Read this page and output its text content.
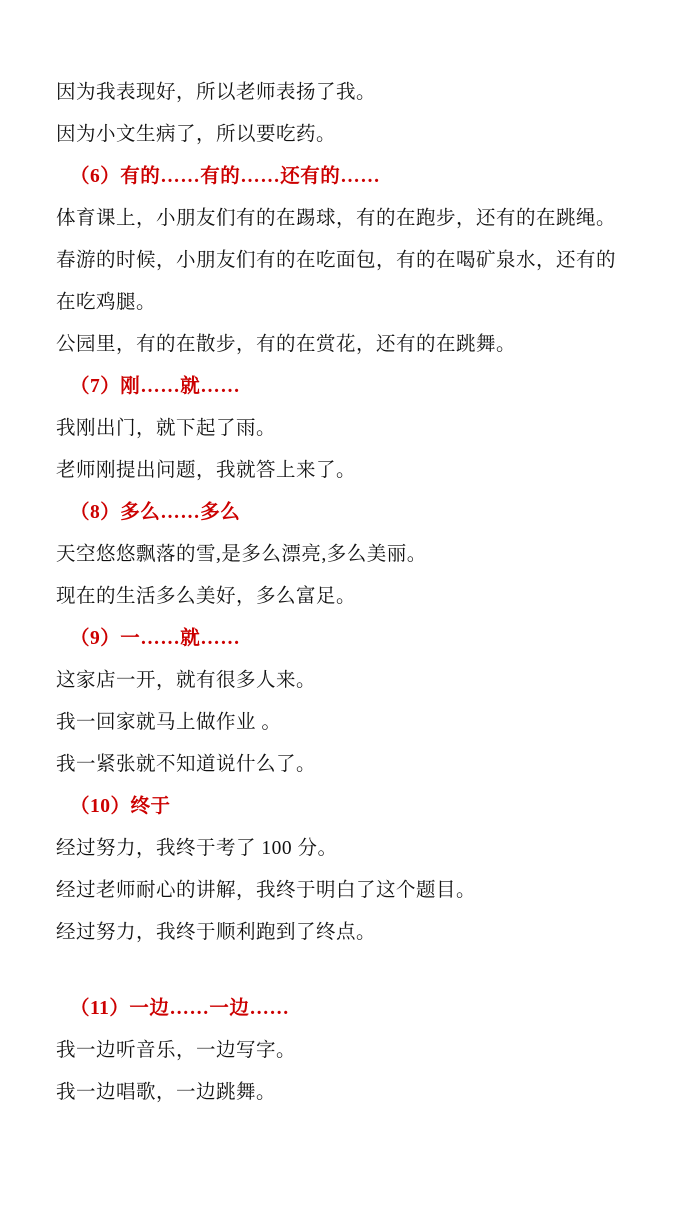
因为我表现好，所以老师表扬了我。

因为小文生病了，所以要吃药。

（6）有的……有的……还有的……

体育课上，小朋友们有的在踢球，有的在跑步，还有的在跳绳。

春游的时候，小朋友们有的在吃面包，有的在喝矿泉水，还有的在吃鸡腿。

公园里，有的在散步，有的在赏花，还有的在跳舞。

（7）刚……就……

我刚出门，就下起了雨。

老师刚提出问题，我就答上来了。

（8）多么……多么

天空悠悠飘落的雪,是多么漂亮,多么美丽。

现在的生活多么美好，多么富足。

（9）一……就……

这家店一开，就有很多人来。

我一回家就马上做作业 。

我一紧张就不知道说什么了。

（10）终于

经过努力，我终于考了 100 分。

经过老师耐心的讲解，我终于明白了这个题目。

经过努力，我终于顺利跑到了终点。

（11）一边……一边……

我一边听音乐，一边写字。

我一边唱歌，一边跳舞。
